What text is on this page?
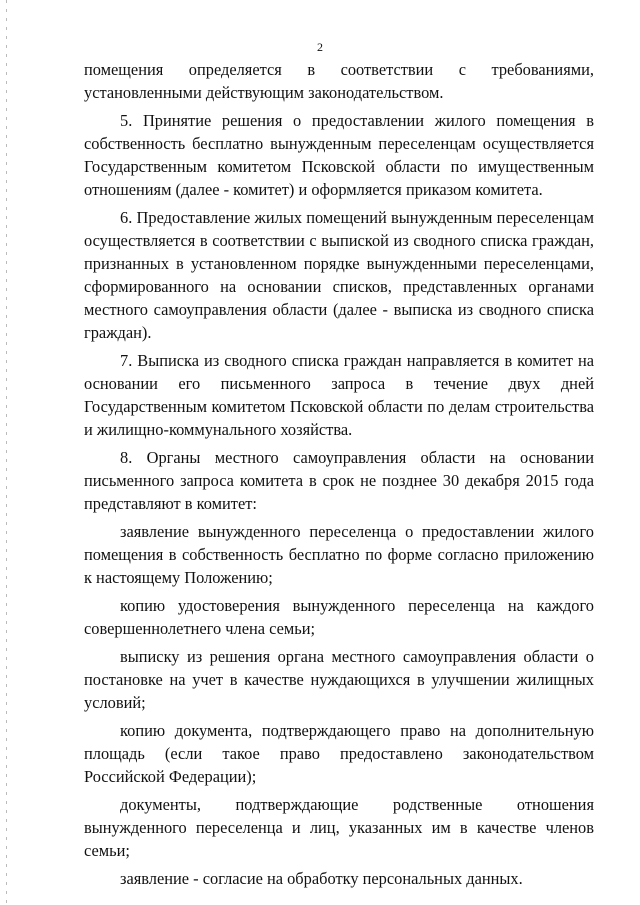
2

помещения определяется в соответствии с требованиями, установленными действующим законодательством.

5. Принятие решения о предоставлении жилого помещения в собственность бесплатно вынужденным переселенцам осуществляется Государственным комитетом Псковской области по имущественным отношениям (далее - комитет) и оформляется приказом комитета.

6. Предоставление жилых помещений вынужденным переселенцам осуществляется в соответствии с выпиской из сводного списка граждан, признанных в установленном порядке вынужденными переселенцами, сформированного на основании списков, представленных органами местного самоуправления области (далее - выписка из сводного списка граждан).

7. Выписка из сводного списка граждан направляется в комитет на основании его письменного запроса в течение двух дней Государственным комитетом Псковской области по делам строительства и жилищно-коммунального хозяйства.

8. Органы местного самоуправления области на основании письменного запроса комитета в срок не позднее 30 декабря 2015 года представляют в комитет:

заявление вынужденного переселенца о предоставлении жилого помещения в собственность бесплатно по форме согласно приложению к настоящему Положению;

копию удостоверения вынужденного переселенца на каждого совершеннолетнего члена семьи;

выписку из решения органа местного самоуправления области о постановке на учет в качестве нуждающихся в улучшении жилищных условий;

копию документа, подтверждающего право на дополнительную площадь (если такое право предоставлено законодательством Российской Федерации);

документы, подтверждающие родственные отношения вынужденного переселенца и лиц, указанных им в качестве членов семьи;

заявление - согласие на обработку персональных данных.
